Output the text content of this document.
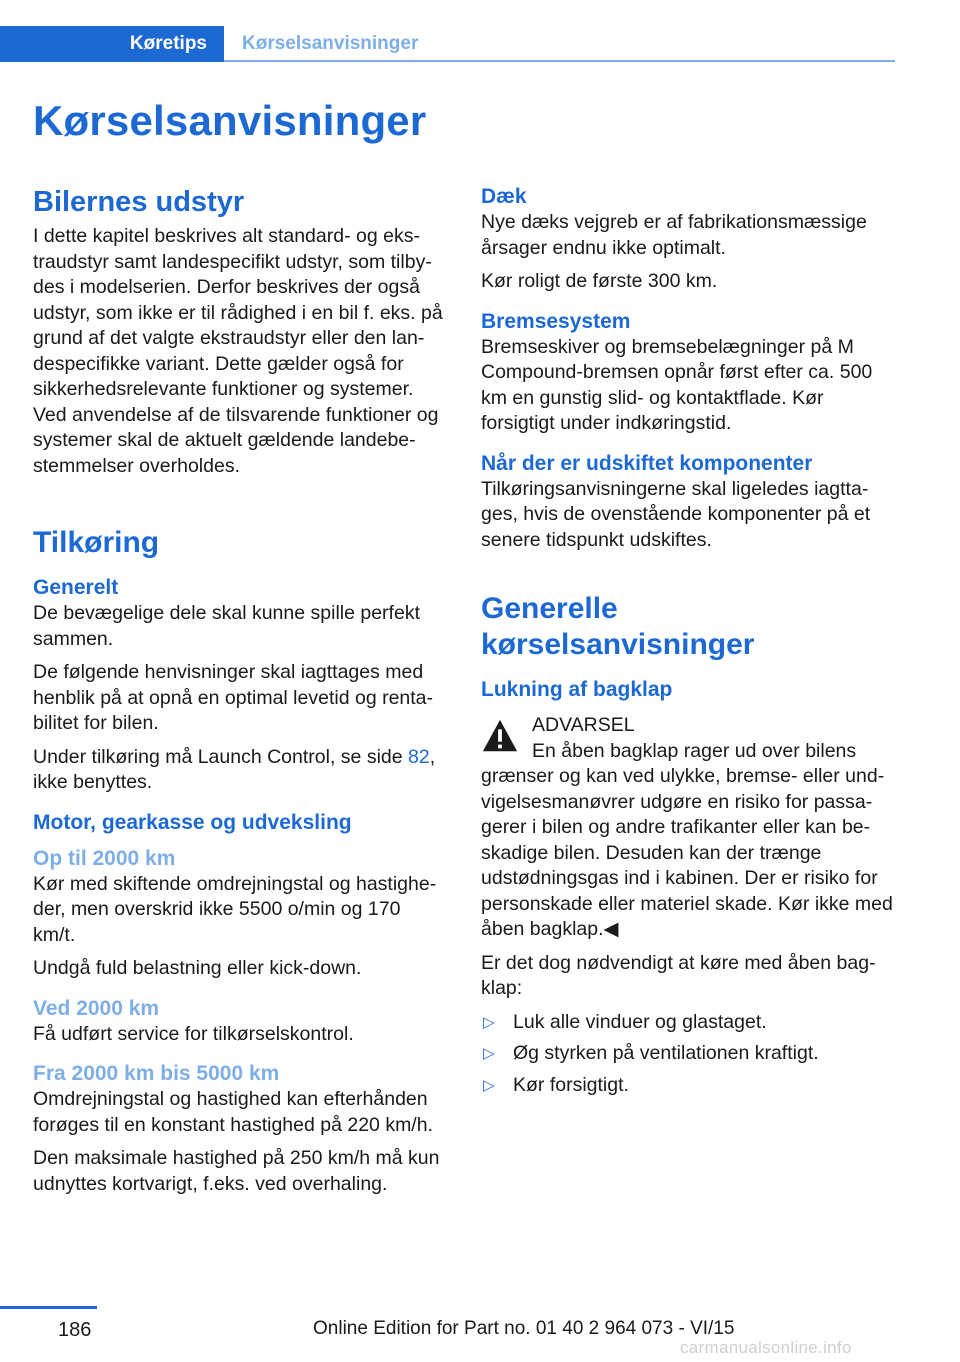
Køretips	Kørselsanvisninger
Kørselsanvisninger
Bilernes udstyr

I dette kapitel beskrives alt standard- og ekstraudstyr samt landespecifikt udstyr, som tilbydes i modelserien. Derfor beskrives der også udstyr, som ikke er til rådighed i en bil f. eks. på grund af det valgte ekstraudstyr eller den landespecifikke variant. Dette gælder også for sikkerhedsrelevante funktioner og systemer. Ved anvendelse af de tilsvarende funktioner og systemer skal de aktuelt gældende landebestemmelser overholdes.

Tilkøring
Generelt

De bevægelige dele skal kunne spille perfekt sammen.

De følgende henvisninger skal iagttages med henblik på at opnå en optimal levetid og rentabilitet for bilen.

Under tilkøring må Launch Control, se side 82, ikke benyttes.

Motor, gearkasse og udveksling
Op til 2000 km

Kør med skiftende omdrejningstal og hastigheder, men overskrid ikke 5500 o/min og 170 km/t.

Undgå fuld belastning eller kick-down.

Ved 2000 km

Få udført service for tilkørselskontrol.

Fra 2000 km bis 5000 km

Omdrejningstal og hastighed kan efterhånden forøges til en konstant hastighed på 220 km/h.

Den maksimale hastighed på 250 km/h må kun udnyttes kortvarigt, f.eks. ved overhaling.

Dæk

Nye dæks vejgreb er af fabrikationsmæssige årsager endnu ikke optimalt.

Kør roligt de første 300 km.

Bremsesystem

Bremseskiver og bremsebelægninger på M Compound-bremsen opnår først efter ca. 500 km en gunstig slid- og kontaktflade. Kør forsigtigt under indkøringstid.

Når der er udskiftet komponenter

Tilkøringsanvisningerne skal ligeledes iagttages, hvis de ovenstående komponenter på et senere tidspunkt udskiftes.

Generelle kørselsanvisninger
Lukning af bagklap
ADVARSEL

En åben bagklap rager ud over bilens grænser og kan ved ulykke, bremse- eller undvigelsesmanøvrer udgøre en risiko for passagerer i bilen og andre trafikanter eller kan beskadige bilen. Desuden kan der trænge udstødningsgas ind i kabinen. Der er risiko for personskade eller materiel skade. Kør ikke med åben bagklap.◀

Er det dog nødvendigt at køre med åben bagklap:

▷ Luk alle vinduer og glastaget.
▷ Øg styrken på ventilationen kraftigt.
▷ Kør forsigtigt.
186	Online Edition for Part no. 01 40 2 964 073 - VI/15
carmanualsonline.info
